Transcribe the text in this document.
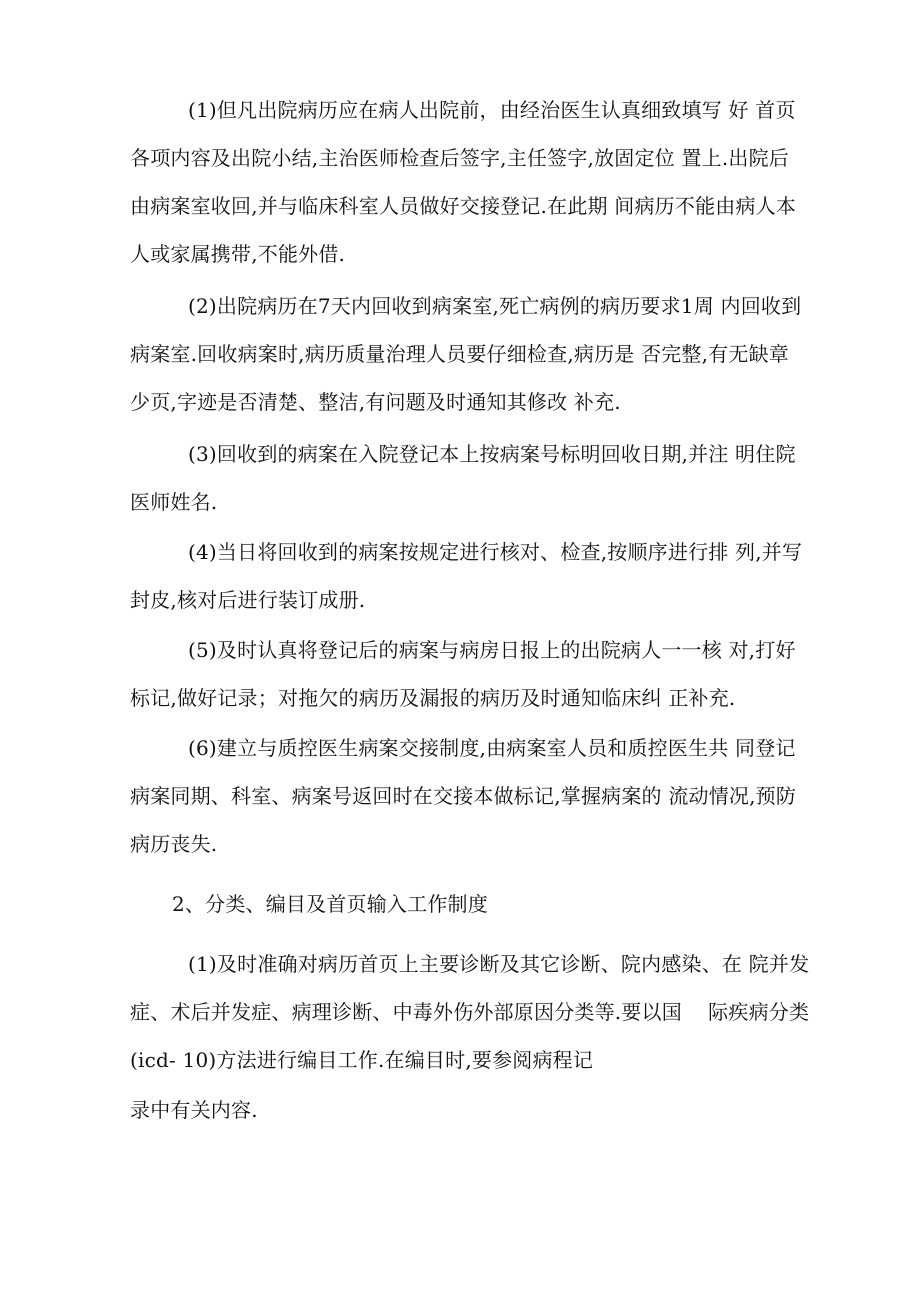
(1)但凡出院病历应在病人出院前，由经治医生认真细致填写 好 首页
各项内容及出院小结,主治医师检查后签字,主任签字,放固定位 置上.出院后
由病案室收回,并与临床科室人员做好交接登记.在此期 间病历不能由病人本
人或家属携带,不能外借.
(2)出院病历在7天内回收到病案室,死亡病例的病历要求1周 内回收到
病案室.回收病案时,病历质量治理人员要仔细检查,病历是 否完整,有无缺章
少页,字迹是否清楚、整洁,有问题及时通知其修改 补充.
(3)回收到的病案在入院登记本上按病案号标明回收日期,并注 明住院
医师姓名.
(4)当日将回收到的病案按规定进行核对、检查,按顺序进行排 列,并写
封皮,核对后进行装订成册.
(5)及时认真将登记后的病案与病房日报上的出院病人一一核 对,打好
标记,做好记录；对拖欠的病历及漏报的病历及时通知临床纠 正补充.
(6)建立与质控医生病案交接制度,由病案室人员和质控医生共 同登记
病案同期、科室、病案号返回时在交接本做标记,掌握病案的 流动情况,预防
病历丧失.
2、分类、编目及首页输入工作制度
(1)及时准确对病历首页上主要诊断及其它诊断、院内感染、在 院并发
症、术后并发症、病理诊断、中毒外伤外部原因分类等.要以国    际疾病分类
(icd- 10)方法进行编目工作.在编目时,要参阅病程记
录中有关内容.
